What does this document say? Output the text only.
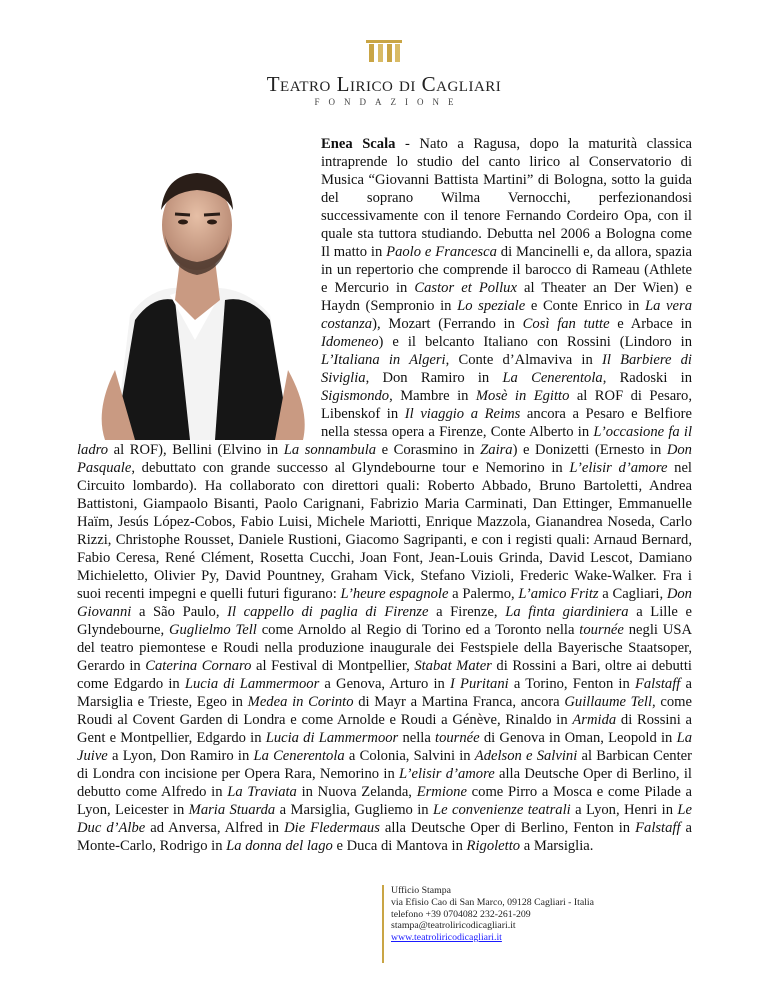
Teatro Lirico di Cagliari
FONDAZIONE
Enea Scala - Nato a Ragusa, dopo la maturità classica intraprende lo studio del canto lirico al Conservatorio di Musica “Giovanni Battista Martini” di Bologna, sotto la guida del soprano Wilma Vernocchi, perfezionandosi successivamente con il tenore Fernando Cordeiro Opa, con il quale sta tuttora studiando. Debutta nel 2006 a Bologna come Il matto in Paolo e Francesca di Mancinelli e, da allora, spazia in un repertorio che comprende il barocco di Rameau (Athlete e Mercurio in Castor et Pollux al Theater an Der Wien) e Haydn (Sempronio in Lo speziale e Conte Enrico in La vera costanza), Mozart (Ferrando in Così fan tutte e Arbace in Idomeneo) e il belcanto Italiano con Rossini (Lindoro in L’Italiana in Algeri, Conte d’Almaviva in Il Barbiere di Siviglia, Don Ramiro in La Cenerentola, Radoski in Sigismondo, Mambre in Mosè in Egitto al ROF di Pesaro, Libenskof in Il viaggio a Reims ancora a Pesaro e Belfiore nella stessa opera a Firenze, Conte Alberto in L’occasione fa il ladro al ROF), Bellini (Elvino in La sonnambula e Corasmino in Zaira) e Donizetti (Ernesto in Don Pasquale, debuttato con grande successo al Glyndebourne tour e Nemorino in L’elisir d’amore nel Circuito lombardo). Ha collaborato con direttori quali: Roberto Abbado, Bruno Bartoletti, Andrea Battistoni, Giampaolo Bisanti, Paolo Carignani, Fabrizio Maria Carminati, Dan Ettinger, Emmanuelle Haïm, Jesús López-Cobos, Fabio Luisi, Michele Mariotti, Enrique Mazzola, Gianandrea Noseda, Carlo Rizzi, Christophe Rousset, Daniele Rustioni, Giacomo Sagripanti, e con i registi quali: Arnaud Bernard, Fabio Ceresa, René Clément, Rosetta Cucchi, Joan Font, Jean-Louis Grinda, David Lescot, Damiano Michieletto, Olivier Py, David Pountney, Graham Vick, Stefano Vizioli, Frederic Wake-Walker. Fra i suoi recenti impegni e quelli futuri figurano: L’heure espagnole a Palermo, L’amico Fritz a Cagliari, Don Giovanni a São Paulo, Il cappello di paglia di Firenze a Firenze, La finta giardiniera a Lille e Glyndebourne, Guglielmo Tell come Arnoldo al Regio di Torino ed a Toronto nella tournée negli USA del teatro piemontese e Roudi nella produzione inaugurale dei Festspiele della Bayerische Staatsoper, Gerardo in Caterina Cornaro al Festival di Montpellier, Stabat Mater di Rossini a Bari, oltre ai debutti come Edgardo in Lucia di Lammermoor a Genova, Arturo in I Puritani a Torino, Fenton in Falstaff a Marsiglia e Trieste, Egeo in Medea in Corinto di Mayr a Martina Franca, ancora Guillaume Tell, come Roudi al Covent Garden di Londra e come Arnolde e Roudi a Génève, Rinaldo in Armida di Rossini a Gent e Montpellier, Edgardo in Lucia di Lammermoor nella tournée di Genova in Oman, Leopold in La Juive a Lyon, Don Ramiro in La Cenerentola a Colonia, Salvini in Adelson e Salvini al Barbican Center di Londra con incisione per Opera Rara, Nemorino in L’elisir d’amore alla Deutsche Oper di Berlino, il debutto come Alfredo in La Traviata in Nuova Zelanda, Ermione come Pirro a Mosca e come Pilade a Lyon, Leicester in Maria Stuarda a Marsiglia, Gugliemo in Le convenienze teatrali a Lyon, Henri in Le Duc d’Albe ad Anversa, Alfred in Die Fledermaus alla Deutsche Oper di Berlino, Fenton in Falstaff a Monte-Carlo, Rodrigo in La donna del lago e Duca di Mantova in Rigoletto a Marsiglia.
Ufficio Stampa
via Efisio Cao di San Marco, 09128 Cagliari - Italia
telefono +39 0704082 232-261-209
stampa@teatroliricodicagliari.it
www.teatroliricodicagliari.it
